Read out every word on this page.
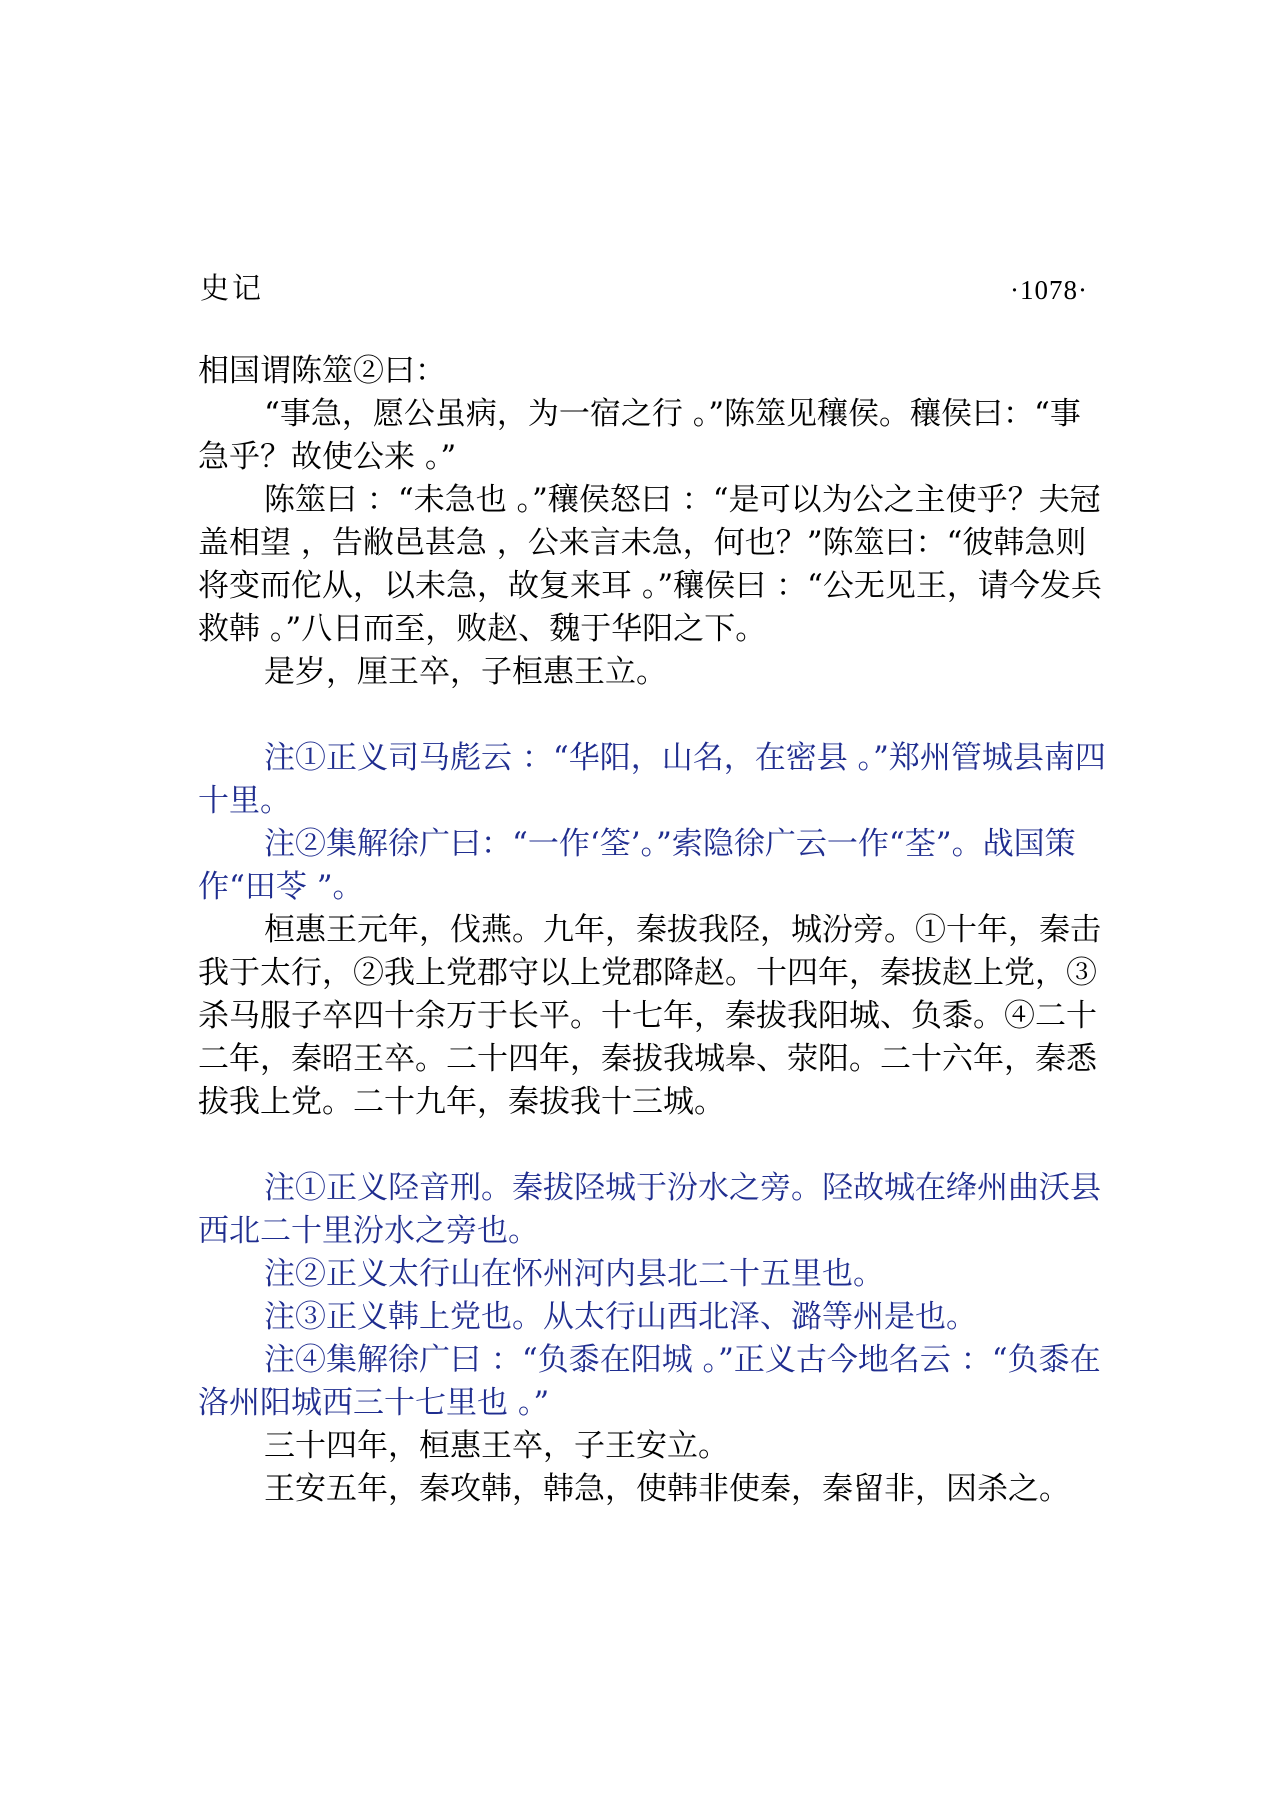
史记	·1078·

相国谓陈筮②曰：

“事急，愿公虽病，为一宿之行 。”陈筮见穰侯。穰侯曰：“事急乎？故使公来 。”

陈筮曰 ：“未急也 。”穰侯怒曰 ：“是可以为公之主使乎？夫冠盖相望 ，告敝邑甚急 ，公来言未急，何也？”陈筮曰：“彼韩急则将变而佗从，以未急，故复来耳 。”穰侯曰 ：“公无见王，请今发兵救韩 。”八日而至，败赵、魏于华阳之下。

是岁，厘王卒，子桓惠王立。

注①正义司马彪云 ：“华阳，山名，在密县 。”郑州管城县南四十里。

注②集解徐广曰：“一作‘筌’。”索隐徐广云一作“荃”。战国策作“田苓 ”。

桓惠王元年，伐燕。九年，秦拔我陉，城汾旁。①十年，秦击我于太行，②我上党郡守以上党郡降赵。十四年，秦拔赵上党，③杀马服子卒四十余万于长平。十七年，秦拔我阳城、负黍。④二十二年，秦昭王卒。二十四年，秦拔我城皋、荥阳。二十六年，秦悉拔我上党。二十九年，秦拔我十三城。

注①正义陉音刑。秦拔陉城于汾水之旁。陉故城在绛州曲沃县西北二十里汾水之旁也。

注②正义太行山在怀州河内县北二十五里也。

注③正义韩上党也。从太行山西北泽、潞等州是也。

注④集解徐广曰 ：“负黍在阳城 。”正义古今地名云 ：“负黍在洛州阳城西三十七里也 。”

三十四年，桓惠王卒，子王安立。

王安五年，秦攻韩，韩急，使韩非使秦，秦留非，因杀之。
